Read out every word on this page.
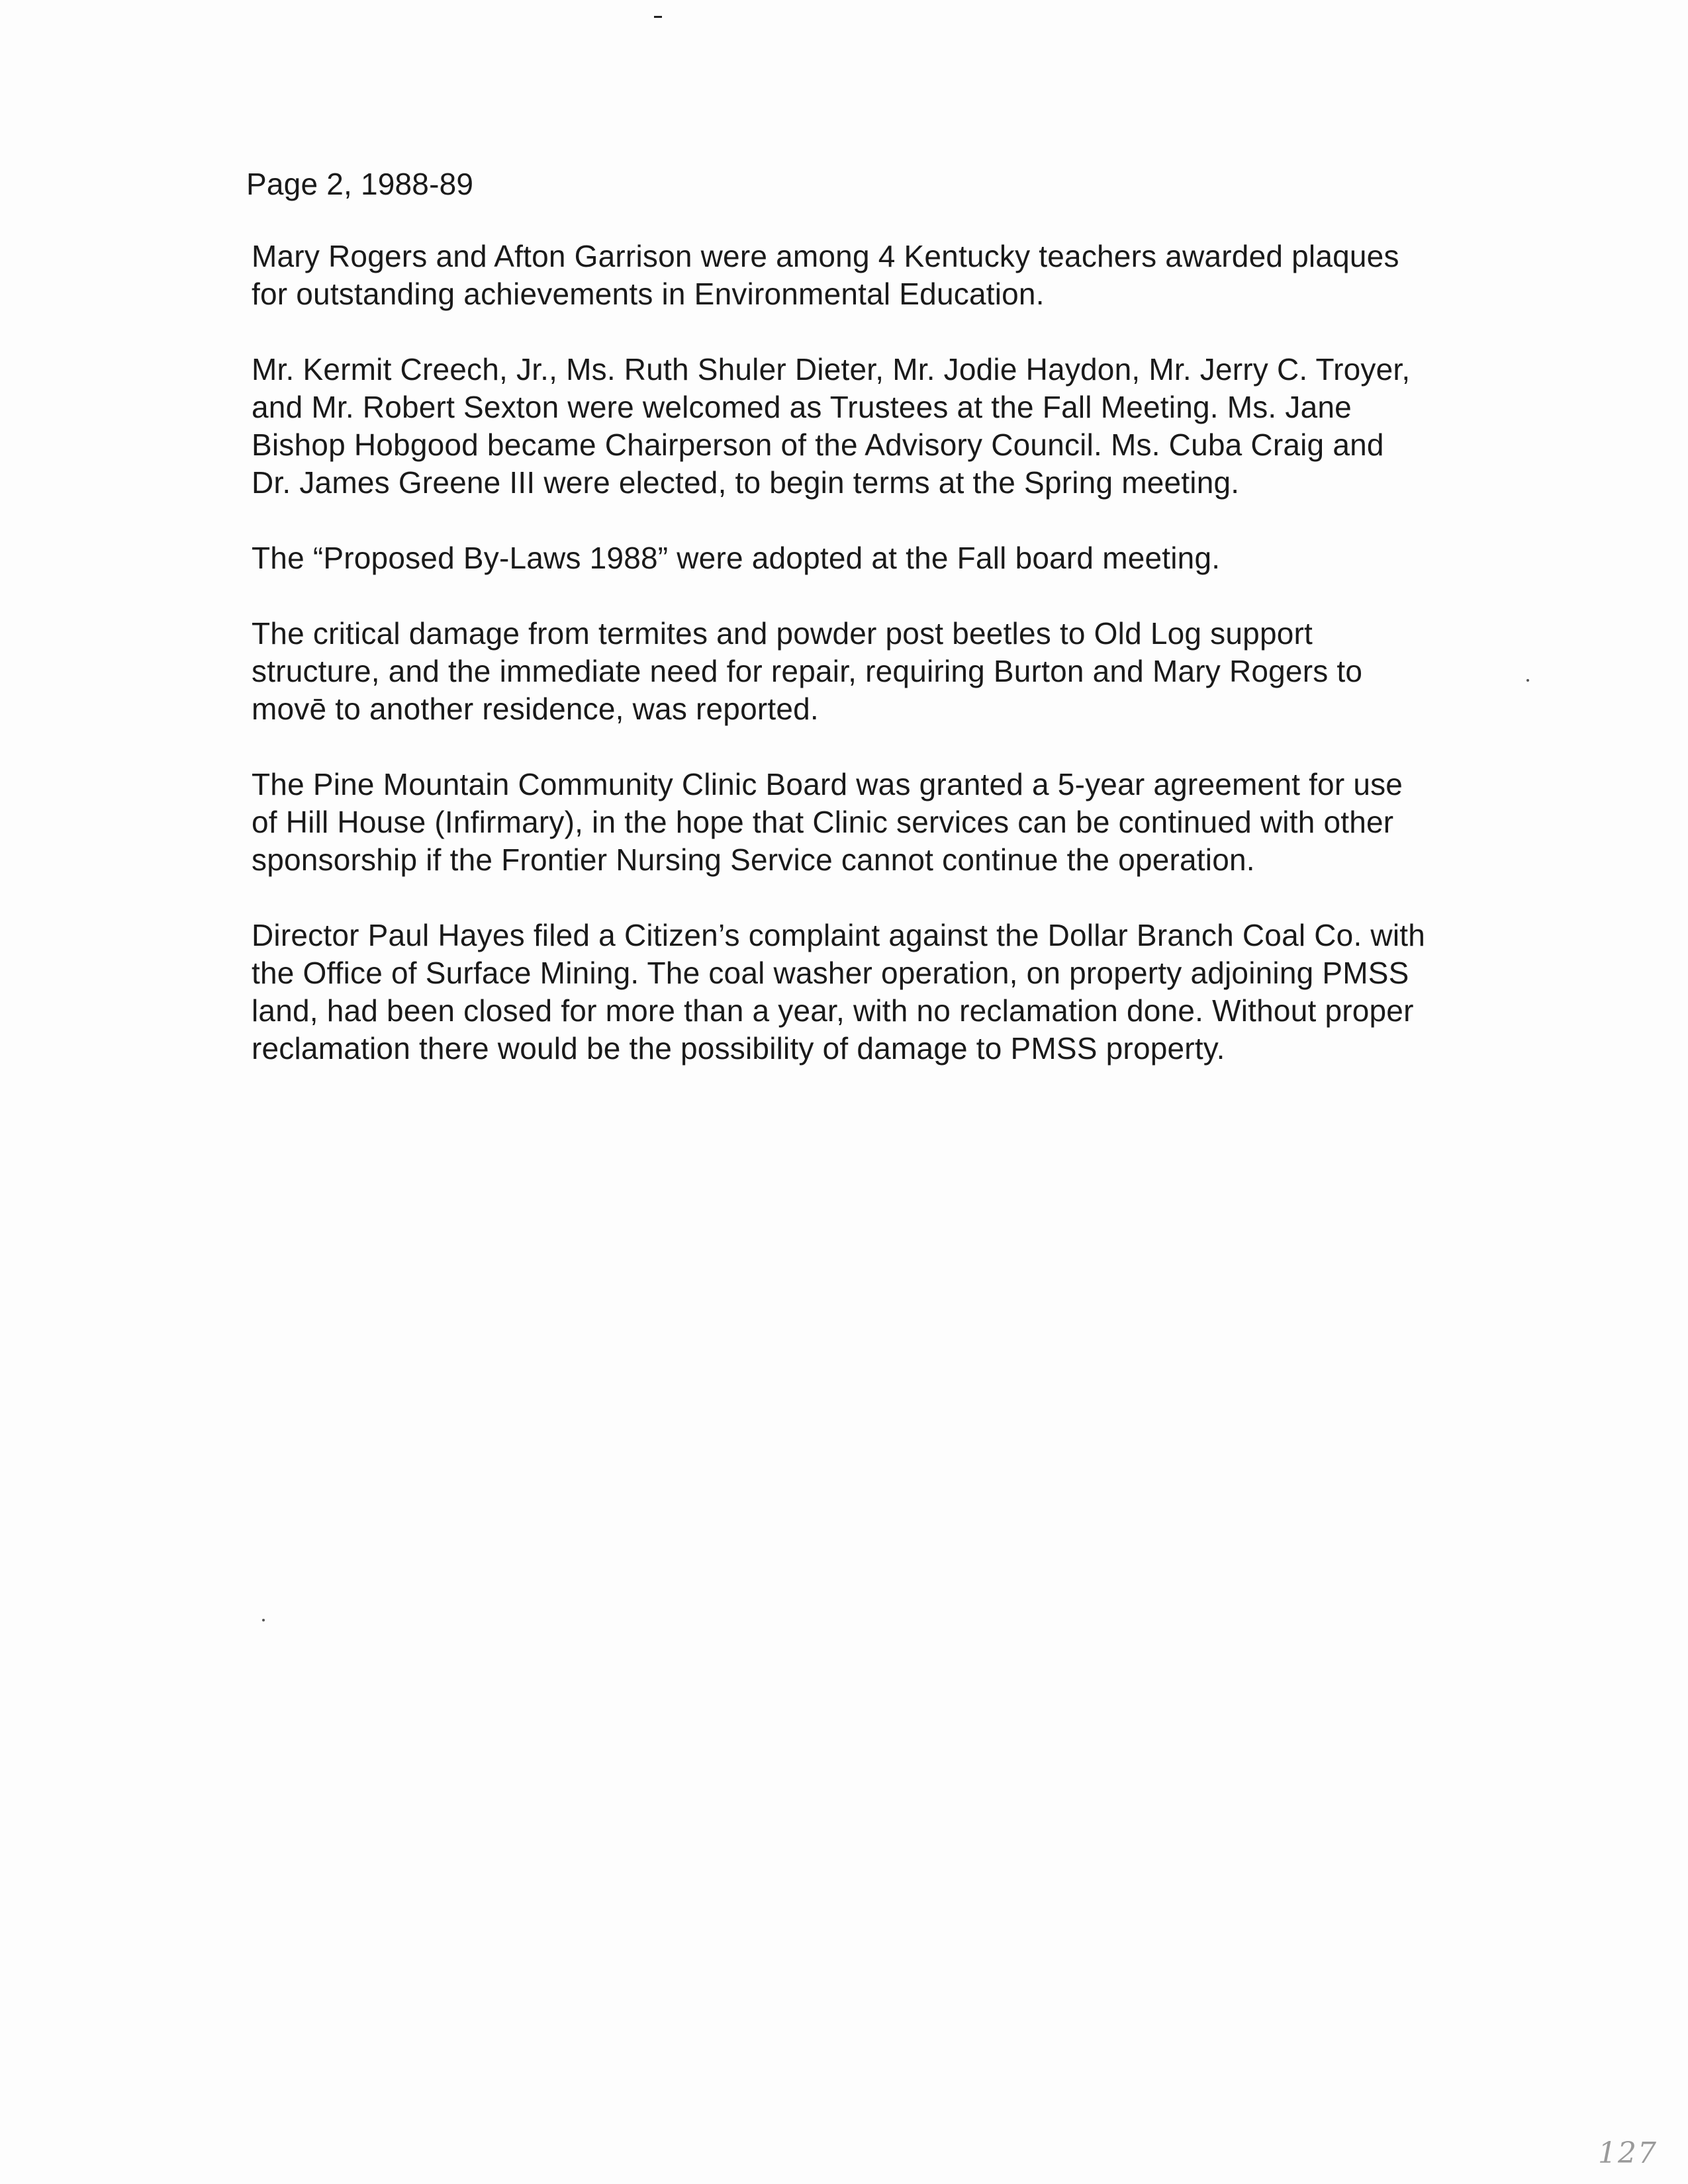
Page 2, 1988-89
Mary Rogers and Afton Garrison were among 4 Kentucky teachers awarded plaques
for outstanding achievements in Environmental Education.
Mr. Kermit Creech, Jr., Ms. Ruth Shuler Dieter, Mr. Jodie Haydon, Mr. Jerry C. Troyer,
and Mr. Robert Sexton were welcomed as Trustees at the Fall Meeting. Ms. Jane
Bishop Hobgood became Chairperson of the Advisory Council. Ms. Cuba Craig and
Dr. James Greene III were elected, to begin terms at the Spring meeting.
The “Proposed By-Laws 1988” were adopted at the Fall board meeting.
The critical damage from termites and powder post beetles to Old Log support
structure, and the immediate need for repair, requiring Burton and Mary Rogers to
movē to another residence, was reported.
The Pine Mountain Community Clinic Board was granted a 5-year agreement for use
of Hill House (Infirmary), in the hope that Clinic services can be continued with other
sponsorship if the Frontier Nursing Service cannot continue the operation.
Director Paul Hayes filed a Citizen’s complaint against the Dollar Branch Coal Co. with
the Office of Surface Mining. The coal washer operation, on property adjoining PMSS
land, had been closed for more than a year, with no reclamation done. Without proper
reclamation there would be the possibility of damage to PMSS property.
127
